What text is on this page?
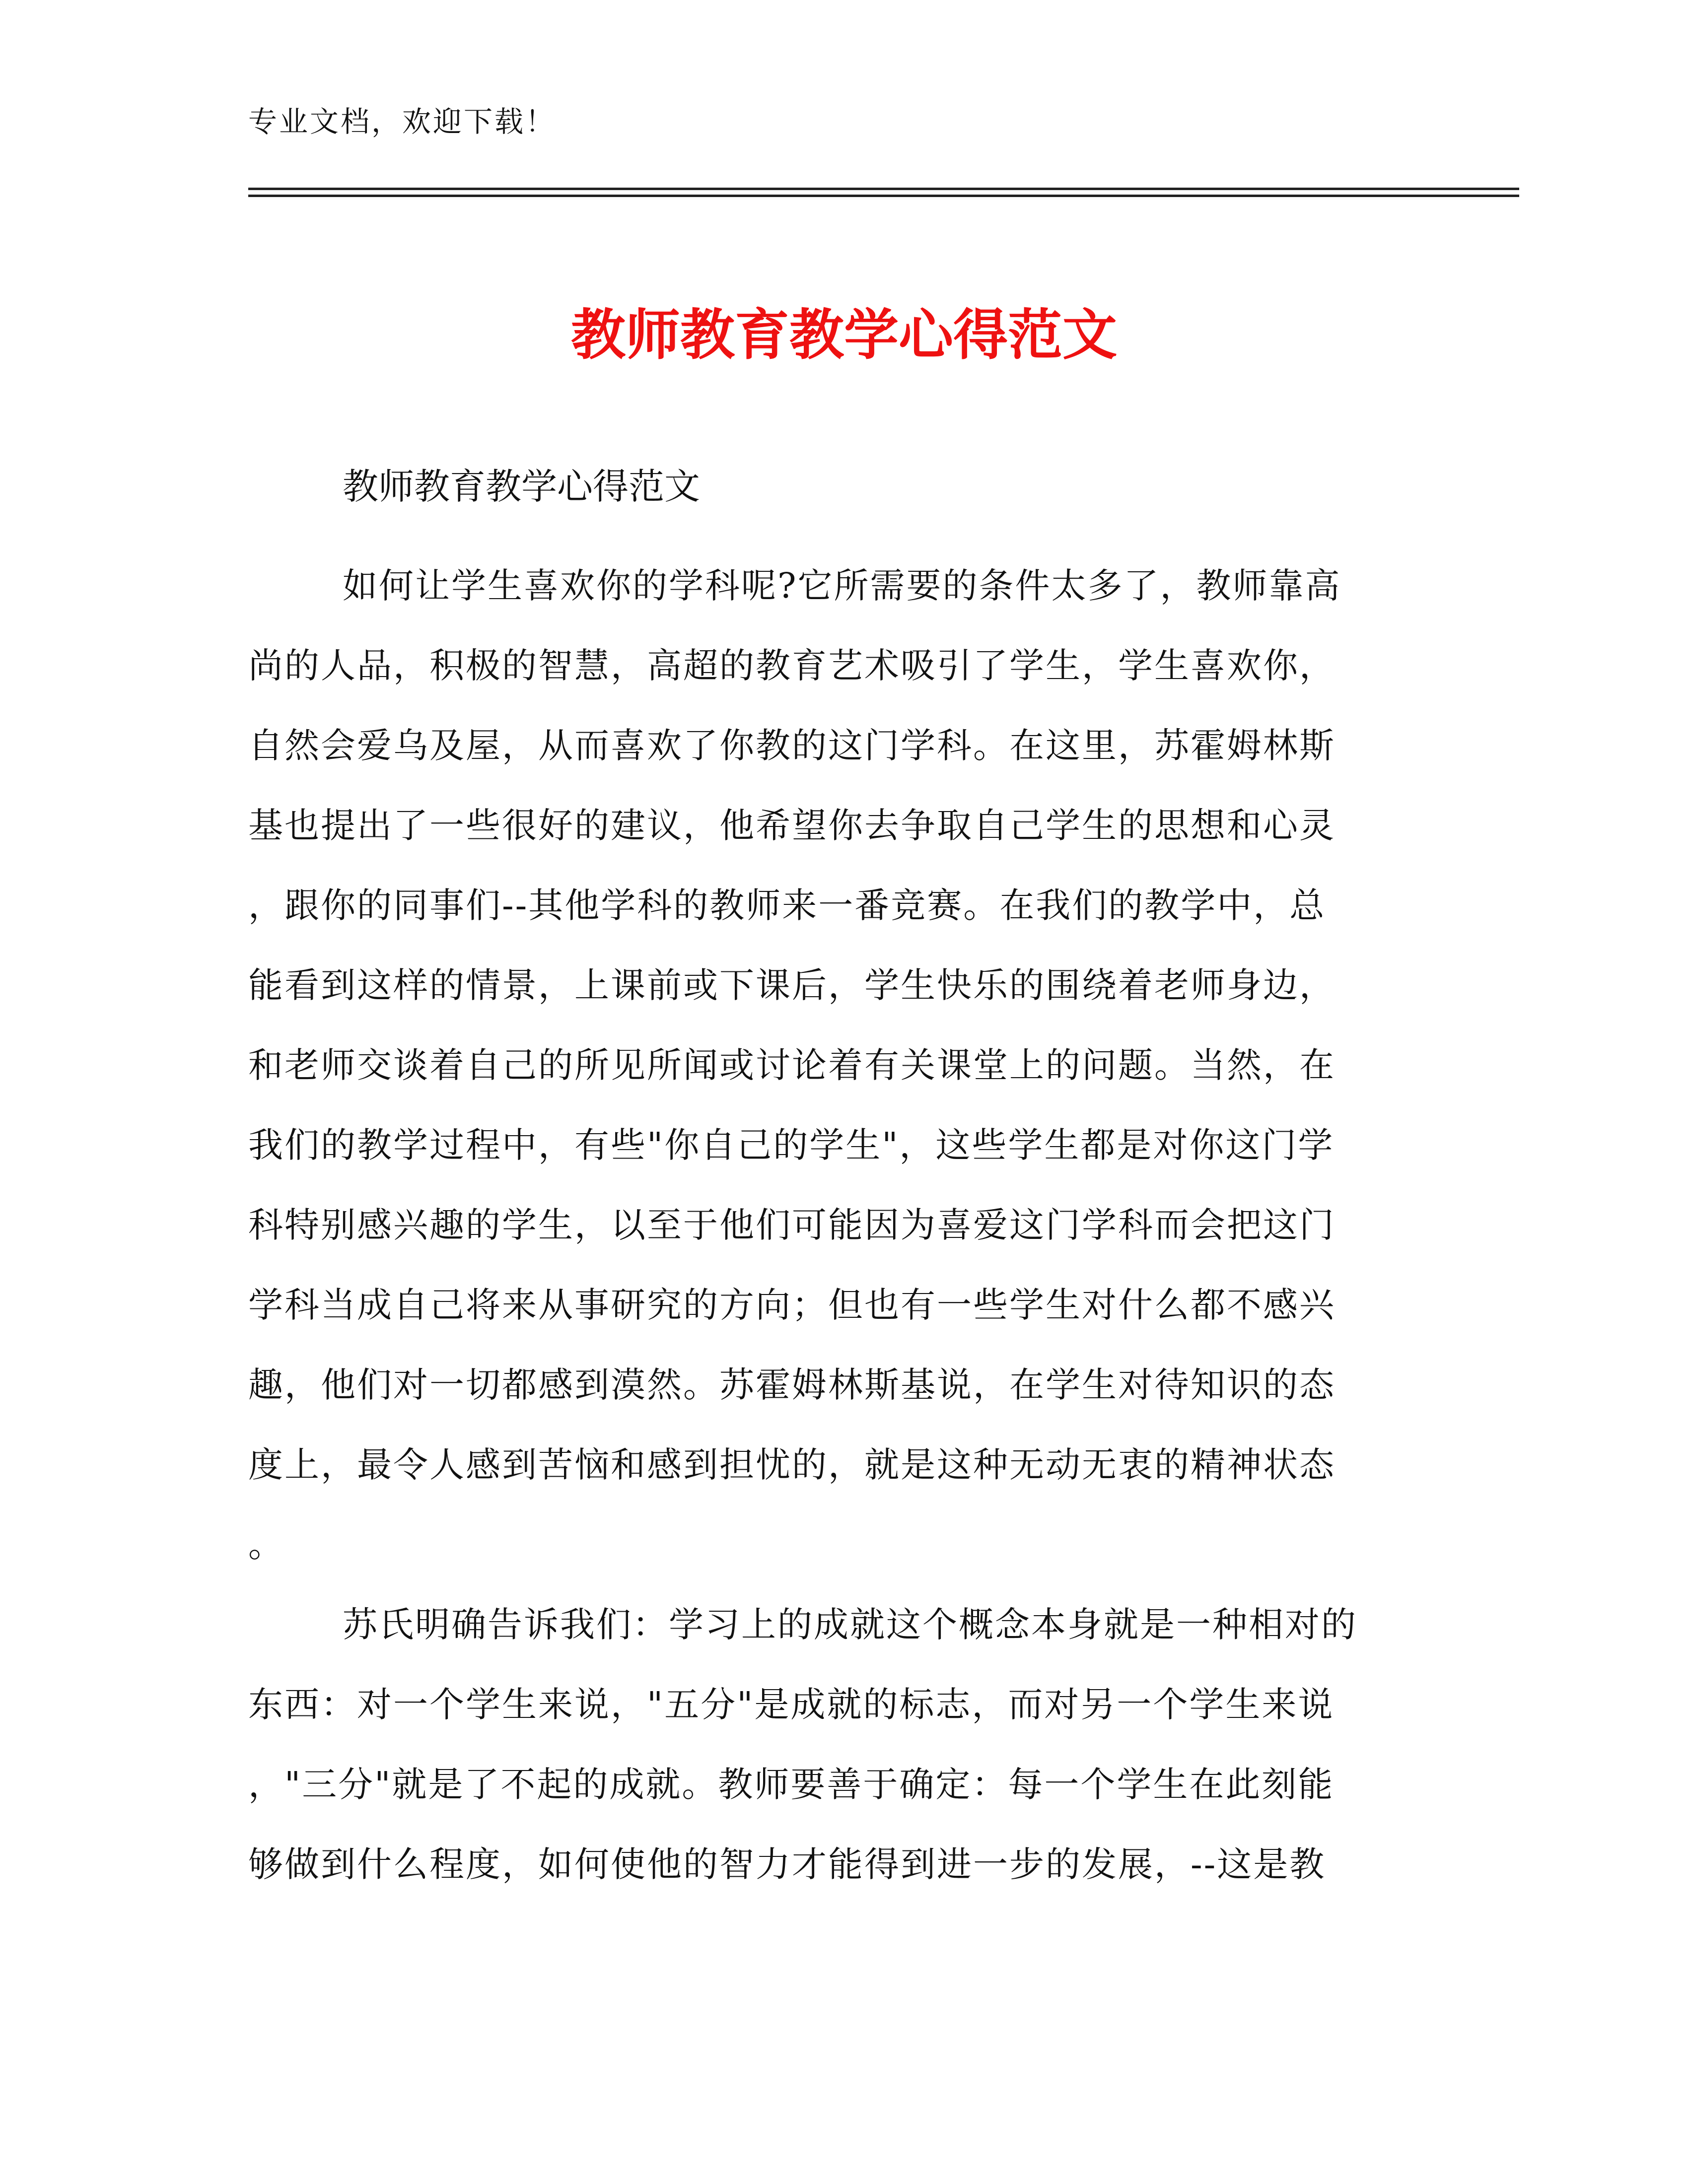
专业文档，欢迎下载！
教师教育教学心得范文
教师教育教学心得范文
如何让学生喜欢你的学科呢?它所需要的条件太多了，教师靠高
尚的人品，积极的智慧，高超的教育艺术吸引了学生，学生喜欢你，
自然会爱乌及屋，从而喜欢了你教的这门学科。在这里，苏霍姆林斯
基也提出了一些很好的建议，他希望你去争取自己学生的思想和心灵
，跟你的同事们--其他学科的教师来一番竞赛。在我们的教学中，总
能看到这样的情景，上课前或下课后，学生快乐的围绕着老师身边，
和老师交谈着自己的所见所闻或讨论着有关课堂上的问题。当然，在
我们的教学过程中，有些"你自己的学生"，这些学生都是对你这门学
科特别感兴趣的学生，以至于他们可能因为喜爱这门学科而会把这门
学科当成自己将来从事研究的方向；但也有一些学生对什么都不感兴
趣，他们对一切都感到漠然。苏霍姆林斯基说，在学生对待知识的态
度上，最令人感到苦恼和感到担忧的，就是这种无动无衷的精神状态
。
苏氏明确告诉我们：学习上的成就这个概念本身就是一种相对的
东西：对一个学生来说，"五分"是成就的标志，而对另一个学生来说
，"三分"就是了不起的成就。教师要善于确定：每一个学生在此刻能
够做到什么程度，如何使他的智力才能得到进一步的发展，--这是教
